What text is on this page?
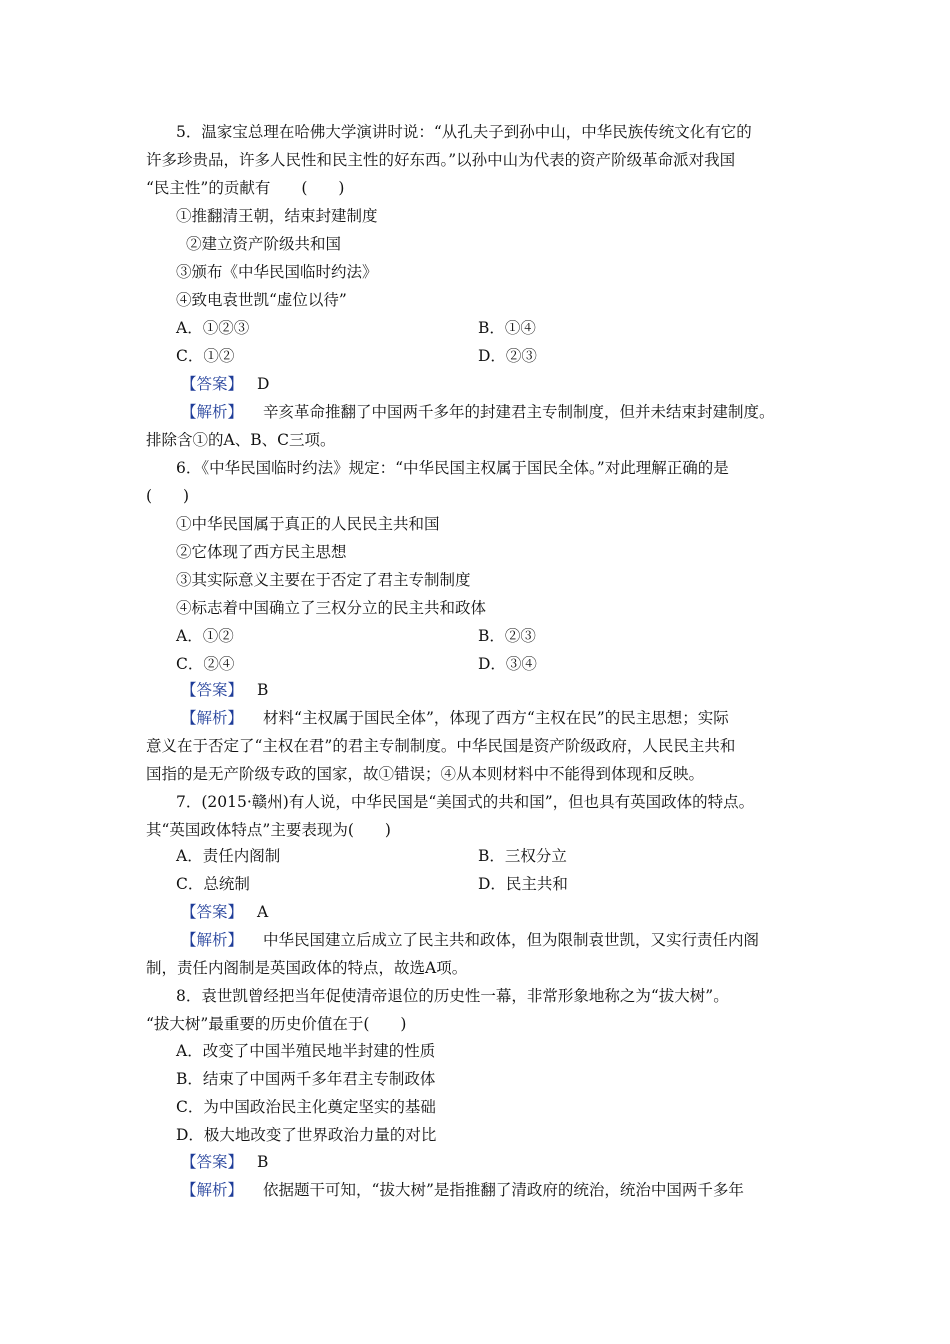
5．温家宝总理在哈佛大学演讲时说：“从孔夫子到孙中山，中华民族传统文化有它的
许多珍贵品，许多人民性和民主性的好东西。”以孙中山为代表的资产阶级革命派对我国
“民主性”的贡献有　　(　　)
①推翻清王朝，结束封建制度
②建立资产阶级共和国
③颁布《中华民国临时约法》
④致电袁世凯“虚位以待”
A．①②③	B．①④
C．①②	D．②③
【答案】 D
【解析】 辛亥革命推翻了中国两千多年的封建君主专制制度，但并未结束封建制度。
排除含①的A、B、C三项。
6．《中华民国临时约法》规定：“中华民国主权属于国民全体。”对此理解正确的是
(　　)
①中华民国属于真正的人民民主共和国
②它体现了西方民主思想
③其实际意义主要在于否定了君主专制制度
④标志着中国确立了三权分立的民主共和政体
A．①②	B．②③
C．②④	D．③④
【答案】 B
【解析】 材料“主权属于国民全体”，体现了西方“主权在民”的民主思想；实际
意义在于否定了“主权在君”的君主专制制度。中华民国是资产阶级政府，人民民主共和
国指的是无产阶级专政的国家，故①错误；④从本则材料中不能得到体现和反映。
7．(2015·赣州)有人说，中华民国是“美国式的共和国”，但也具有英国政体的特点。
其“英国政体特点”主要表现为(　　)
A．责任内阁制	B．三权分立
C．总统制	D．民主共和
【答案】 A
【解析】 中华民国建立后成立了民主共和政体，但为限制袁世凯，又实行责任内阁
制，责任内阁制是英国政体的特点，故选A项。
8．袁世凯曾经把当年促使清帝退位的历史性一幕，非常形象地称之为“拔大树”。
“拔大树”最重要的历史价值在于(　　)
A．改变了中国半殖民地半封建的性质
B．结束了中国两千多年君主专制政体
C．为中国政治民主化奠定坚实的基础
D．极大地改变了世界政治力量的对比
【答案】 B
【解析】 依据题干可知，“拔大树”是指推翻了清政府的统治，统治中国两千多年
